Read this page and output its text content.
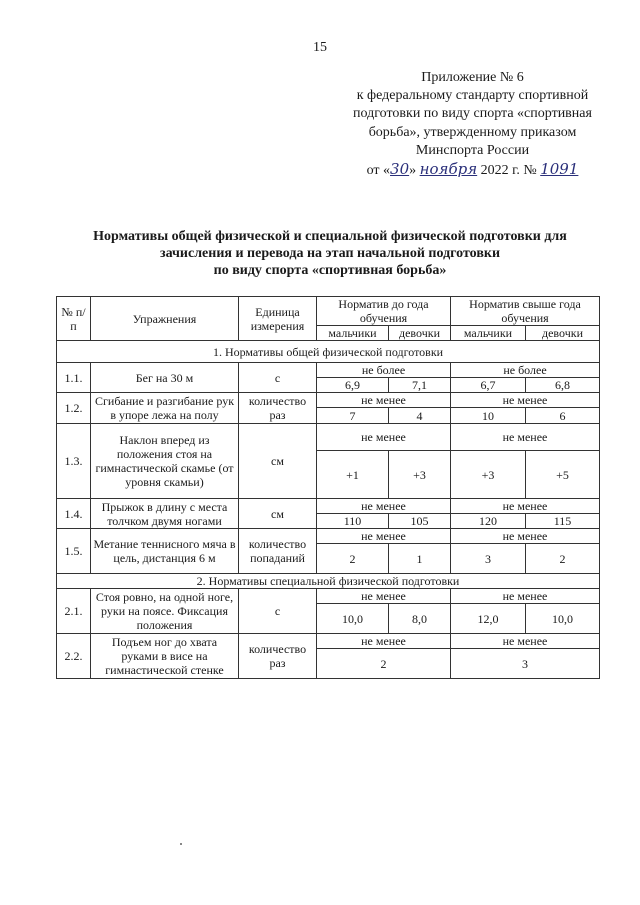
15
Приложение № 6
к федеральному стандарту спортивной
подготовки по виду спорта «спортивная
борьба», утвержденному приказом
Минспорта России
от «30» ноября 2022 г. № 1091
Нормативы общей физической и специальной физической подготовки для
зачисления и перевода на этап начальной подготовки
по виду спорта «спортивная борьба»
№ п/п	Упражнения	Единица измерения	Норматив до года обучения		Норматив свыше года обучения	
			мальчики	девочки	мальчики	девочки
1. Нормативы общей физической подготовки						
1.1.	Бег на 30 м	с	не более		не более	
			6,9	7,1	6,7	6,8
1.2.	Сгибание и разгибание рук в упоре лежа на полу	количество раз	не менее		не менее	
			7	4	10	6
1.3.	Наклон вперед из положения стоя на гимнастической скамье (от уровня скамьи)	см	не менее		не менее	
			+1	+3	+3	+5
1.4.	Прыжок в длину с места толчком двумя ногами	см	не менее		не менее	
			110	105	120	115
1.5.	Метание теннисного мяча в цель, дистанция 6 м	количество попаданий	не менее		не менее	
			2	1	3	2
2. Нормативы специальной физической подготовки						
2.1.	Стоя ровно, на одной ноге, руки на поясе. Фиксация положения	с	не менее		не менее	
			10,0	8,0	12,0	10,0
2.2.	Подъем ног до хвата руками в висе на гимнастической стенке	количество раз	не менее		не менее	
			2		3	
